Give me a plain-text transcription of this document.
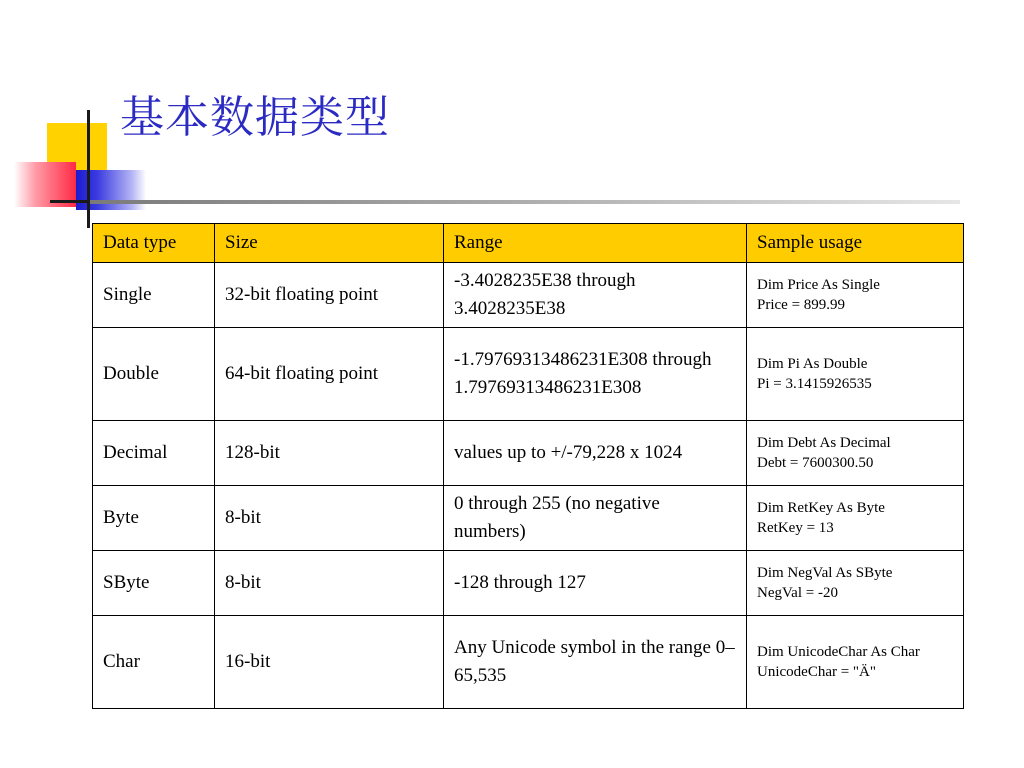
基本数据类型
Data type	Size	Range	Sample usage
Single	32-bit floating point	-3.4028235E38 through 3.4028235E38	Dim Price As Single
Price = 899.99

Double	64-bit floating point	-1.79769313486231E308 through 1.79769313486231E308	Dim Pi As Double
Pi = 3.1415926535

Decimal	128-bit	values up to +/-79,228 x 1024	Dim Debt As Decimal
Debt = 7600300.50

Byte	8-bit	0 through 255 (no negative numbers)	Dim RetKey As Byte
RetKey = 13

SByte	8-bit	-128 through 127	Dim NegVal As SByte
NegVal = -20

Char	16-bit	Any Unicode symbol in the range 0–65,535	Dim UnicodeChar As Char
UnicodeChar = "Ä"
